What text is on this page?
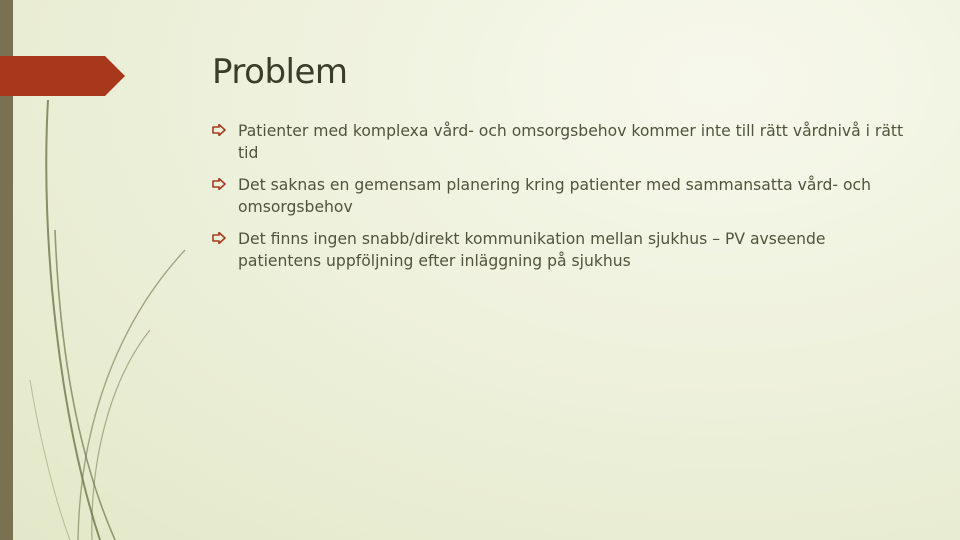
Problem
Patienter med komplexa vård- och omsorgsbehov kommer inte till rätt vårdnivå i rätt tid
Det saknas en gemensam planering kring patienter med sammansatta vård- och omsorgsbehov
Det finns ingen snabb/direkt kommunikation mellan sjukhus – PV avseende patientens uppföljning efter inläggning på sjukhus
